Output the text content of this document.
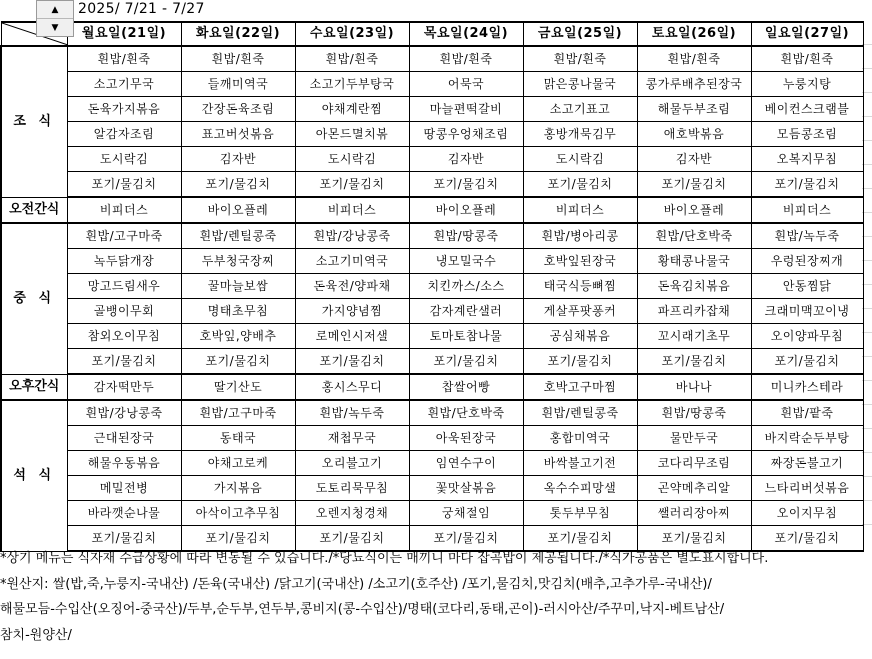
	월요일(21일)	화요일(22일)	수요일(23일)	목요일(24일)	금요일(25일)	토요일(26일)	일요일(27일)
조 식	흰밥/흰죽	흰밥/흰죽	흰밥/흰죽	흰밥/흰죽	흰밥/흰죽	흰밥/흰죽	흰밥/흰죽
	소고기무국	들깨미역국	소고기두부탕국	어묵국	맑은콩나물국	콩가루배추된장국	누룽지탕
	돈육가지볶음	간장돈육조림	야채계란찜	마늘편떡갈비	소고기표고	해물두부조림	베이컨스크램블
	알감자조림	표고버섯볶음	아몬드멸치볶	땅콩우엉채조림	홍방개묵김무	애호박볶음	모듬콩조림
	도시락김	김자반	도시락김	김자반	도시락김	김자반	오복지무침
	포기/물김치	포기/물김치	포기/물김치	포기/물김치	포기/물김치	포기/물김치	포기/물김치
오전간식	비피더스	바이오플레	비피더스	바이오플레	비피더스	바이오플레	비피더스
중 식	흰밥/고구마죽	흰밥/렌틸콩죽	흰밥/강낭콩죽	흰밥/땅콩죽	흰밥/병아리콩	흰밥/단호박죽	흰밥/녹두죽
	녹두닭개장	두부청국장찌	소고기미역국	냉모밀국수	호박잎된장국	황태콩나물국	우렁된장찌개
	망고드림새우	꿀마늘보쌈	돈육전/양파채	치킨까스/소스	태국식등뼈찜	돈육김치볶음	안동찜닭
	골뱅이무회	명태초무침	가지양념찜	감자계란샐러	게살푸팟퐁커	파프리카잡채	크래미맥꼬이냉
	참외오이무침	호박잎,양배추	로메인시저샐	토마토참나물	공심채볶음	꼬시래기초무	오이양파무침
	포기/물김치	포기/물김치	포기/물김치	포기/물김치	포기/물김치	포기/물김치	포기/물김치
오후간식	감자떡만두	딸기산도	홍시스무디	찹쌀어빵	호박고구마찜	바나나	미니카스테라
석 식	흰밥/강낭콩죽	흰밥/고구마죽	흰밥/녹두죽	흰밥/단호박죽	흰밥/렌틸콩죽	흰밥/땅콩죽	흰밥/팥죽
	근대된장국	동태국	재첩무국	아욱된장국	홍합미역국	물만두국	바지락순두부탕
	해물우동볶음	야채고로케	오리불고기	임연수구이	바싹불고기전	코다리무조림	짜장돈불고기
	메밀전병	가지볶음	도토리묵무침	꽃맛살볶음	옥수수피망샐	곤약메추리알	느타리버섯볶음
	바라깻순나물	아삭이고추무침	오렌지청경채	궁채절임	톳두부무침	쌜러리장아찌	오이지무침
	포기/물김치	포기/물김치	포기/물김치	포기/물김치	포기/물김치	포기/물김치	포기/물김치
▲
▼
2025/ 7/21 - 7/27
*상기 메뉴는 식자재 수급상황에 따라 변동될 수 있습니다./*당뇨식이는 매끼니 마다 잡곡밥이 제공됩니다./*식가공품은 별도표시합니다.
*원산지: 쌀(밥,죽,누룽지-국내산) /돈육(국내산) /닭고기(국내산) /소고기(호주산) /포기,물김치,맛김치(배추,고추가루-국내산)/
해물모듬-수입산(오징어-중국산)/두부,순두부,연두부,콩비지(콩-수입산)/명태(코다리,동태,곤이)-러시아산/주꾸미,낙지-베트남산/
참치-원양산/
